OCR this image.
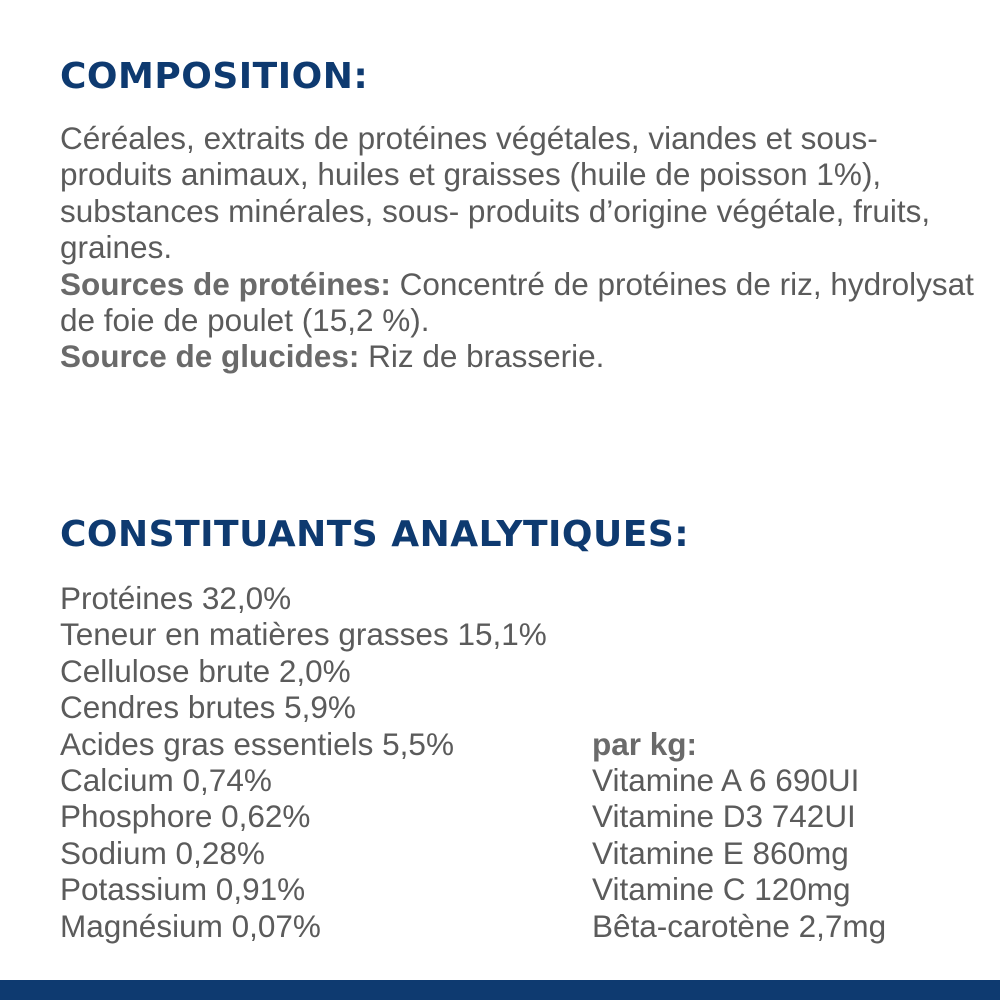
COMPOSITION:

Céréales, extraits de protéines végétales, viandes et sous-produits animaux, huiles et graisses (huile de poisson 1%), substances minérales, sous- produits d’origine végétale, fruits, graines.
Sources de protéines: Concentré de protéines de riz, hydrolysat de foie de poulet (15,2 %).
Source de glucides: Riz de brasserie.

CONSTITUANTS ANALYTIQUES:
Protéines 32,0%
Teneur en matières grasses 15,1%
Cellulose brute 2,0%
Cendres brutes 5,9%
Acides gras essentiels 5,5%
Calcium 0,74%
Phosphore 0,62%
Sodium 0,28%
Potassium 0,91%
Magnésium 0,07%
par kg:
Vitamine A 6 690UI
Vitamine D3 742UI
Vitamine E 860mg
Vitamine C 120mg
Bêta-carotène 2,7mg
